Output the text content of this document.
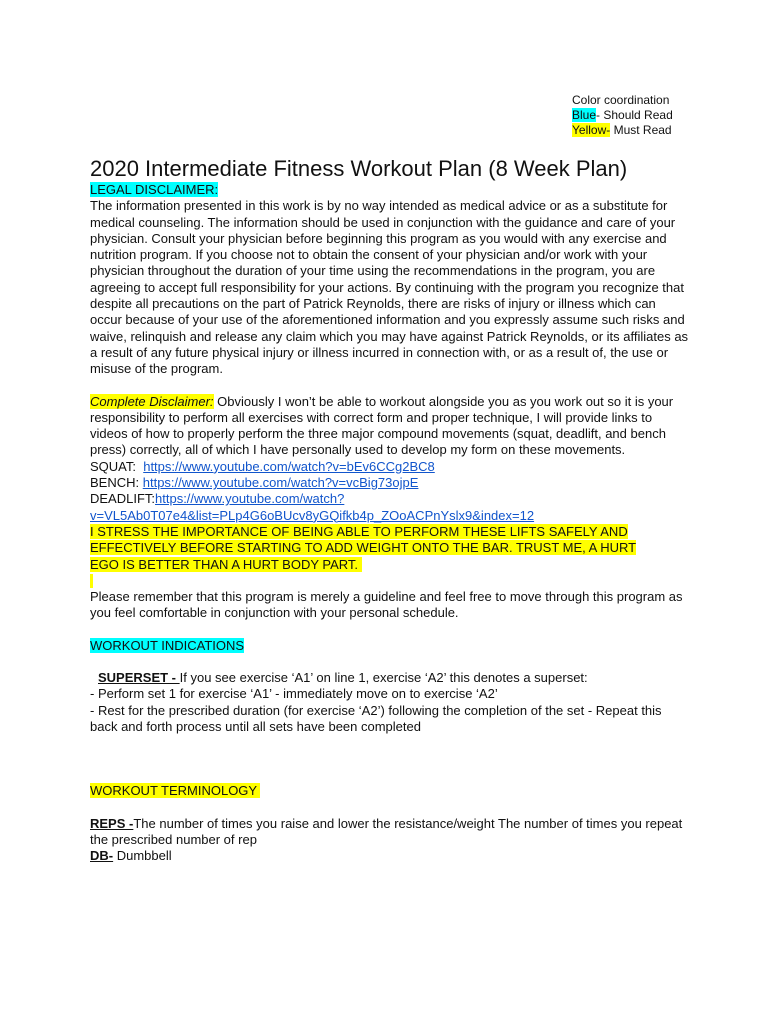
Color coordination
Blue- Should Read
Yellow- Must Read
2020 Intermediate Fitness Workout Plan (8 Week Plan)
LEGAL DISCLAIMER:

The information presented in this work is by no way intended as medical advice or as a substitute for medical counseling. The information should be used in conjunction with the guidance and care of your physician. Consult your physician before beginning this program as you would with any exercise and nutrition program. If you choose not to obtain the consent of your physician and/or work with your physician throughout the duration of your time using the recommendations in the program, you are agreeing to accept full responsibility for your actions. By continuing with the program you recognize that despite all precautions on the part of Patrick Reynolds, there are risks of injury or illness which can occur because of your use of the aforementioned information and you expressly assume such risks and waive, relinquish and release any claim which you may have against Patrick Reynolds, or its affiliates as a result of any future physical injury or illness incurred in connection with, or as a result of, the use or misuse of the program.

Complete Disclaimer: Obviously I won’t be able to workout alongside you as you work out so it is your responsibility to perform all exercises with correct form and proper technique, I will provide links to videos of how to properly perform the three major compound movements (squat, deadlift, and bench press) correctly, all of which I have personally used to develop my form on these movements.

SQUAT:  https://www.youtube.com/watch?v=bEv6CCg2BC8
BENCH: https://www.youtube.com/watch?v=vcBig73ojpE
DEADLIFT:https://www.youtube.com/watch?
v=VL5Ab0T07e4&list=PLp4G6oBUcv8yGQifkb4p_ZOoACPnYslx9&index=12
I STRESS THE IMPORTANCE OF BEING ABLE TO PERFORM THESE LIFTS SAFELY AND
EFFECTIVELY BEFORE STARTING TO ADD WEIGHT ONTO THE BAR. TRUST ME, A HURT
EGO IS BETTER THAN A HURT BODY PART.

Please remember that this program is merely a guideline and feel free to move through this program as you feel comfortable in conjunction with your personal schedule.

WORKOUT INDICATIONS
SUPERSET - If you see exercise ‘A1’ on line 1, exercise ‘A2’ this denotes a superset:
- Perform set 1 for exercise ‘A1’ - immediately move on to exercise ‘A2’
- Rest for the prescribed duration (for exercise ‘A2’) following the completion of the set - Repeat this back and forth process until all sets have been completed
WORKOUT TERMINOLOGY

REPS -The number of times you raise and lower the resistance/weight The number of times you repeat the prescribed number of rep

DB- Dumbbell
